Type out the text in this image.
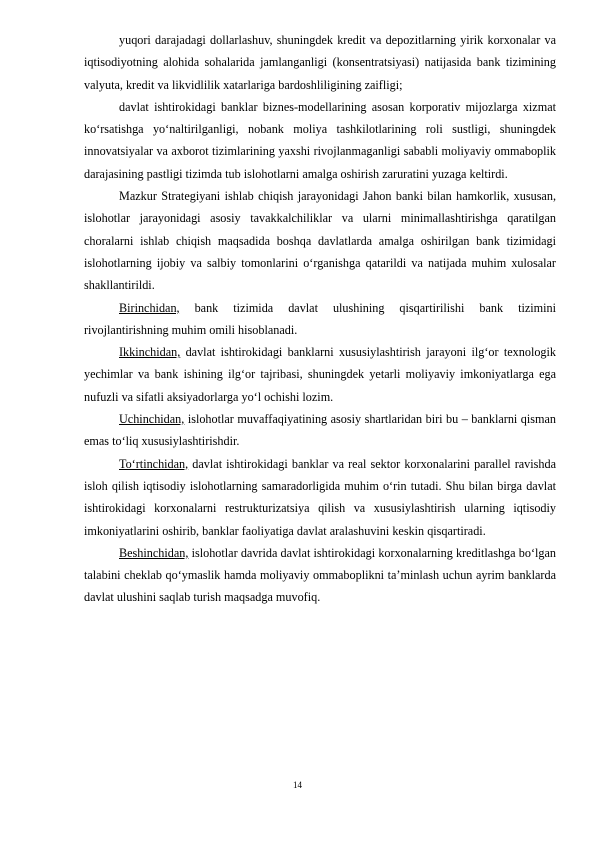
yuqori darajadagi dollarlashuv, shuningdek kredit va depozitlarning yirik korxonalar va iqtisodiyotning alohida sohalarida jamlanganligi (konsentratsiyasi) natijasida bank tizimining valyuta, kredit va likvidlilik xatarlariga bardoshliligining zaifligi;

davlat ishtirokidagi banklar biznes-modellarining asosan korporativ mijozlarga xizmat ko‘rsatishga yo‘naltirilganligi, nobank moliya tashkilotlarining roli sustligi, shuningdek innovatsiyalar va axborot tizimlarining yaxshi rivojlanmaganligi sababli moliyaviy ommaboplik darajasining pastligi tizimda tub islohotlarni amalga oshirish zaruratini yuzaga keltirdi.

Mazkur Strategiyani ishlab chiqish jarayonidagi Jahon banki bilan hamkorlik, xususan, islohotlar jarayonidagi asosiy tavakkalchiliklar va ularni minimallashtirishga qaratilgan choralarni ishlab chiqish maqsadida boshqa davlatlarda amalga oshirilgan bank tizimidagi islohotlarning ijobiy va salbiy tomonlarini o‘rganishga qatarildi va natijada muhim xulosalar shakllantirildi.

Birinchidan, bank tizimida davlat ulushining qisqartirilishi bank tizimini rivojlantirishning muhim omili hisoblanadi.

Ikkinchidan, davlat ishtirokidagi banklarni xususiylashtirish jarayoni ilg‘or texnologik yechimlar va bank ishining ilg‘or tajribasi, shuningdek yetarli moliyaviy imkoniyatlarga ega nufuzli va sifatli aksiyadorlarga yo‘l ochishi lozim.

Uchinchidan, islohotlar muvaffaqiyatining asosiy shartlaridan biri bu – banklarni qisman emas to‘liq xususiylashtirishdir.

To‘rtinchidan, davlat ishtirokidagi banklar va real sektor korxonalarini parallel ravishda isloh qilish iqtisodiy islohotlarning samaradorligida muhim o‘rin tutadi. Shu bilan birga davlat ishtirokidagi korxonalarni restrukturizatsiya qilish va xususiylashtirish ularning iqtisodiy imkoniyatlarini oshirib, banklar faoliyatiga davlat aralashuvini keskin qisqartiradi.

Beshinchidan, islohotlar davrida davlat ishtirokidagi korxonalarning kreditlashga bo‘lgan talabini cheklab qo‘ymaslik hamda moliyaviy ommaboplikni ta’minlash uchun ayrim banklarda davlat ulushini saqlab turish maqsadga muvofiq.

14
